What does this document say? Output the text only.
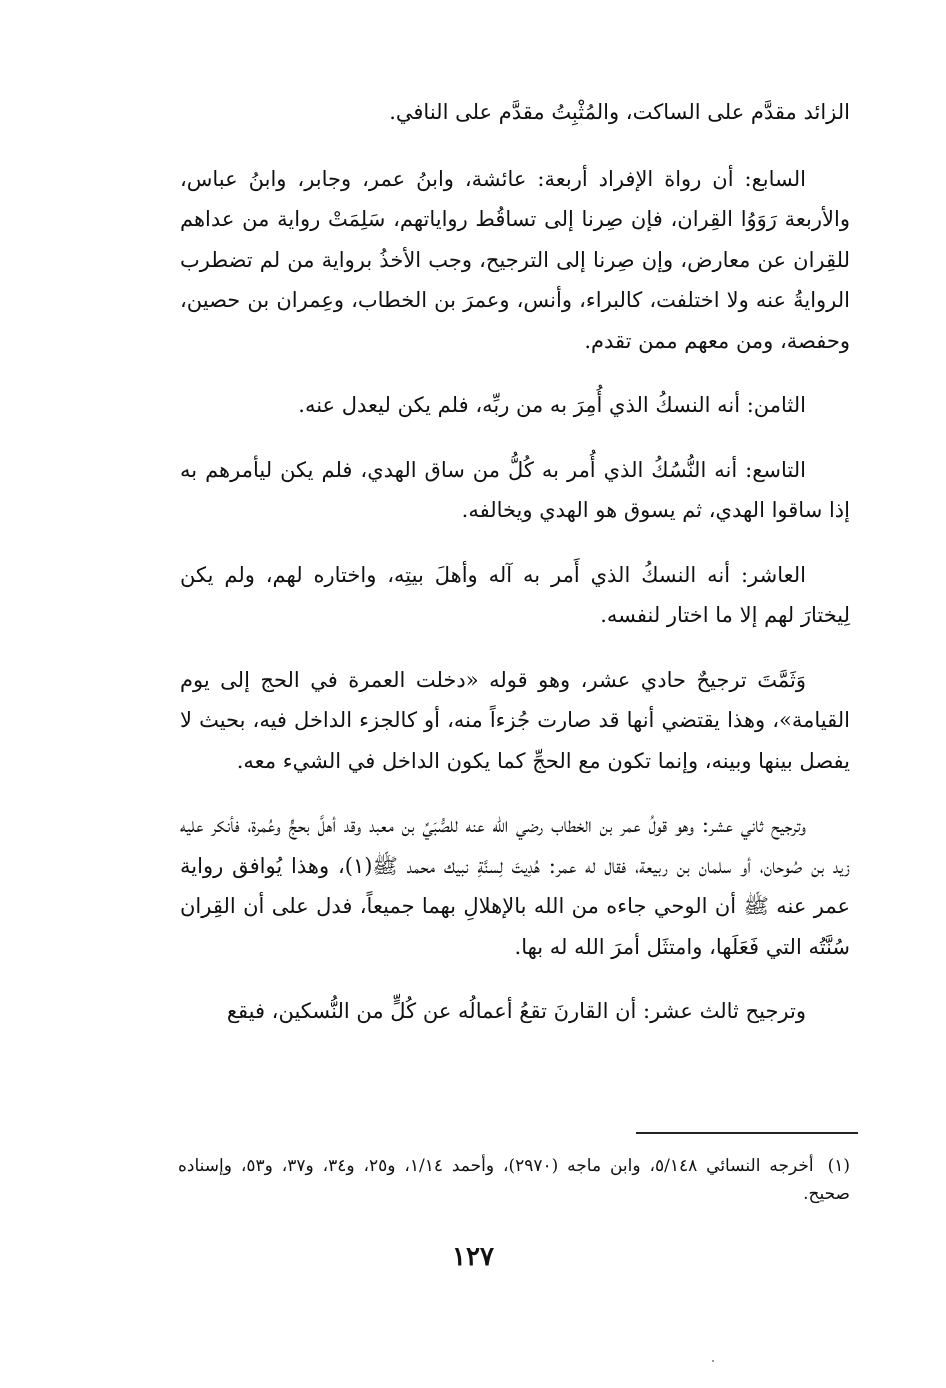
الزائد مقدَّم على الساكت، والمُثْبِتُ مقدَّم على النافي.

السابع: أن رواة الإفراد أربعة: عائشة، وابنُ عمر، وجابر، وابنُ عباس، والأربعة رَوَوُا القِران، فإن صِرنا إلى تساقُط رواياتهم، سَلِمَتْ رواية من عداهم للقِران عن معارض، وإن صِرنا إلى الترجيح، وجب الأخذُ برواية من لم تضطرب الروايةُ عنه ولا اختلفت، كالبراء، وأنس، وعمرَ بن الخطاب، وعِمران بن حصين، وحفصة، ومن معهم ممن تقدم.

الثامن: أنه النسكُ الذي أُمِرَ به من ربِّه، فلم يكن ليعدل عنه.

التاسع: أنه النُّسُكُ الذي أُمر به كُلُّ من ساق الهدي، فلم يكن ليأمرهم به إذا ساقوا الهدي، ثم يسوق هو الهدي ويخالفه.

العاشر: أنه النسكُ الذي أَمر به آله وأهلَ بيتِه، واختاره لهم، ولم يكن لِيختارَ لهم إلا ما اختار لنفسه.

وَثَمَّتَ ترجيحٌ حادي عشر، وهو قوله «دخلت العمرة في الحج إلى يوم القيامة»، وهذا يقتضي أنها قد صارت جُزءاً منه، أو كالجزء الداخل فيه، بحيث لا يفصل بينها وبينه، وإنما تكون مع الحجِّ كما يكون الداخل في الشيء معه.

وترجيح ثاني عشر: وهو قولُ عمر بن الخطاب رضي الله عنه للصُّبَيِّ بن معبد وقد أهلَّ بحجٍّ وعُمرة، فأنكر عليه زيد بن صُوحان، أو سلمان بن ربيعة، فقال له عمر: هُدِيتَ لِسنَّةِ نبيك محمد ﷺ(١)، وهذا يُوافق رواية عمر عنه ﷺ أن الوحي جاءه من الله بالإهلالِ بهما جميعاً، فدل على أن القِران سُنَّتُه التي فَعَلَها، وامتثَل أمرَ الله له بها.

وترجيح ثالث عشر: أن القارنَ تقعُ أعمالُه عن كُلٍّ من النُّسكين، فيقع

(١)أخرجه النسائي ٥/١٤٨، وابن ماجه (٢٩٧٠)، وأحمد ١/١٤، و٢٥، و٣٤، و٣٧، و٥٣، وإسناده صحيح.
١٢٧
